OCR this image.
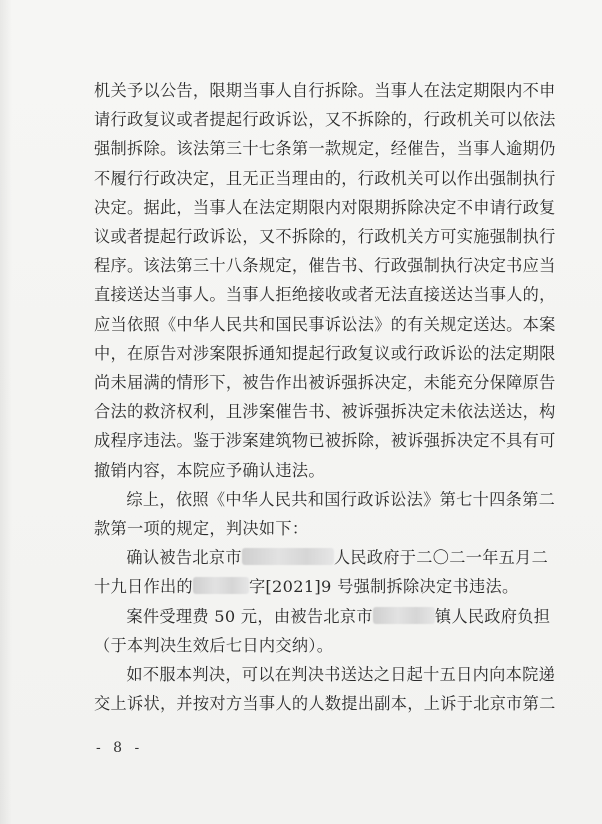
机关予以公告，限期当事人自行拆除。当事人在法定期限内不申

请行政复议或者提起行政诉讼，又不拆除的，行政机关可以依法

强制拆除。该法第三十七条第一款规定，经催告，当事人逾期仍

不履行行政决定，且无正当理由的，行政机关可以作出强制执行

决定。据此，当事人在法定期限内对限期拆除决定不申请行政复

议或者提起行政诉讼，又不拆除的，行政机关方可实施强制执行

程序。该法第三十八条规定，催告书、行政强制执行决定书应当

直接送达当事人。当事人拒绝接收或者无法直接送达当事人的，

应当依照《中华人民共和国民事诉讼法》的有关规定送达。本案

中，在原告对涉案限拆通知提起行政复议或行政诉讼的法定期限

尚未届满的情形下，被告作出被诉强拆决定，未能充分保障原告

合法的救济权利，且涉案催告书、被诉强拆决定未依法送达，构

成程序违法。鉴于涉案建筑物已被拆除，被诉强拆决定不具有可

撤销内容，本院应予确认违法。

综上，依照《中华人民共和国行政诉讼法》第七十四条第二

款第一项的规定，判决如下：

确认被告北京市	人民政府于二〇二一年五月二

十九日作出的	字[2021]9 号强制拆除决定书违法。

案件受理费 50 元，由被告北京市	镇人民政府负担

（于本判决生效后七日内交纳）。

如不服本判决，可以在判决书送达之日起十五日内向本院递

交上诉状，并按对方当事人的人数提出副本，上诉于北京市第二

- 8 -
